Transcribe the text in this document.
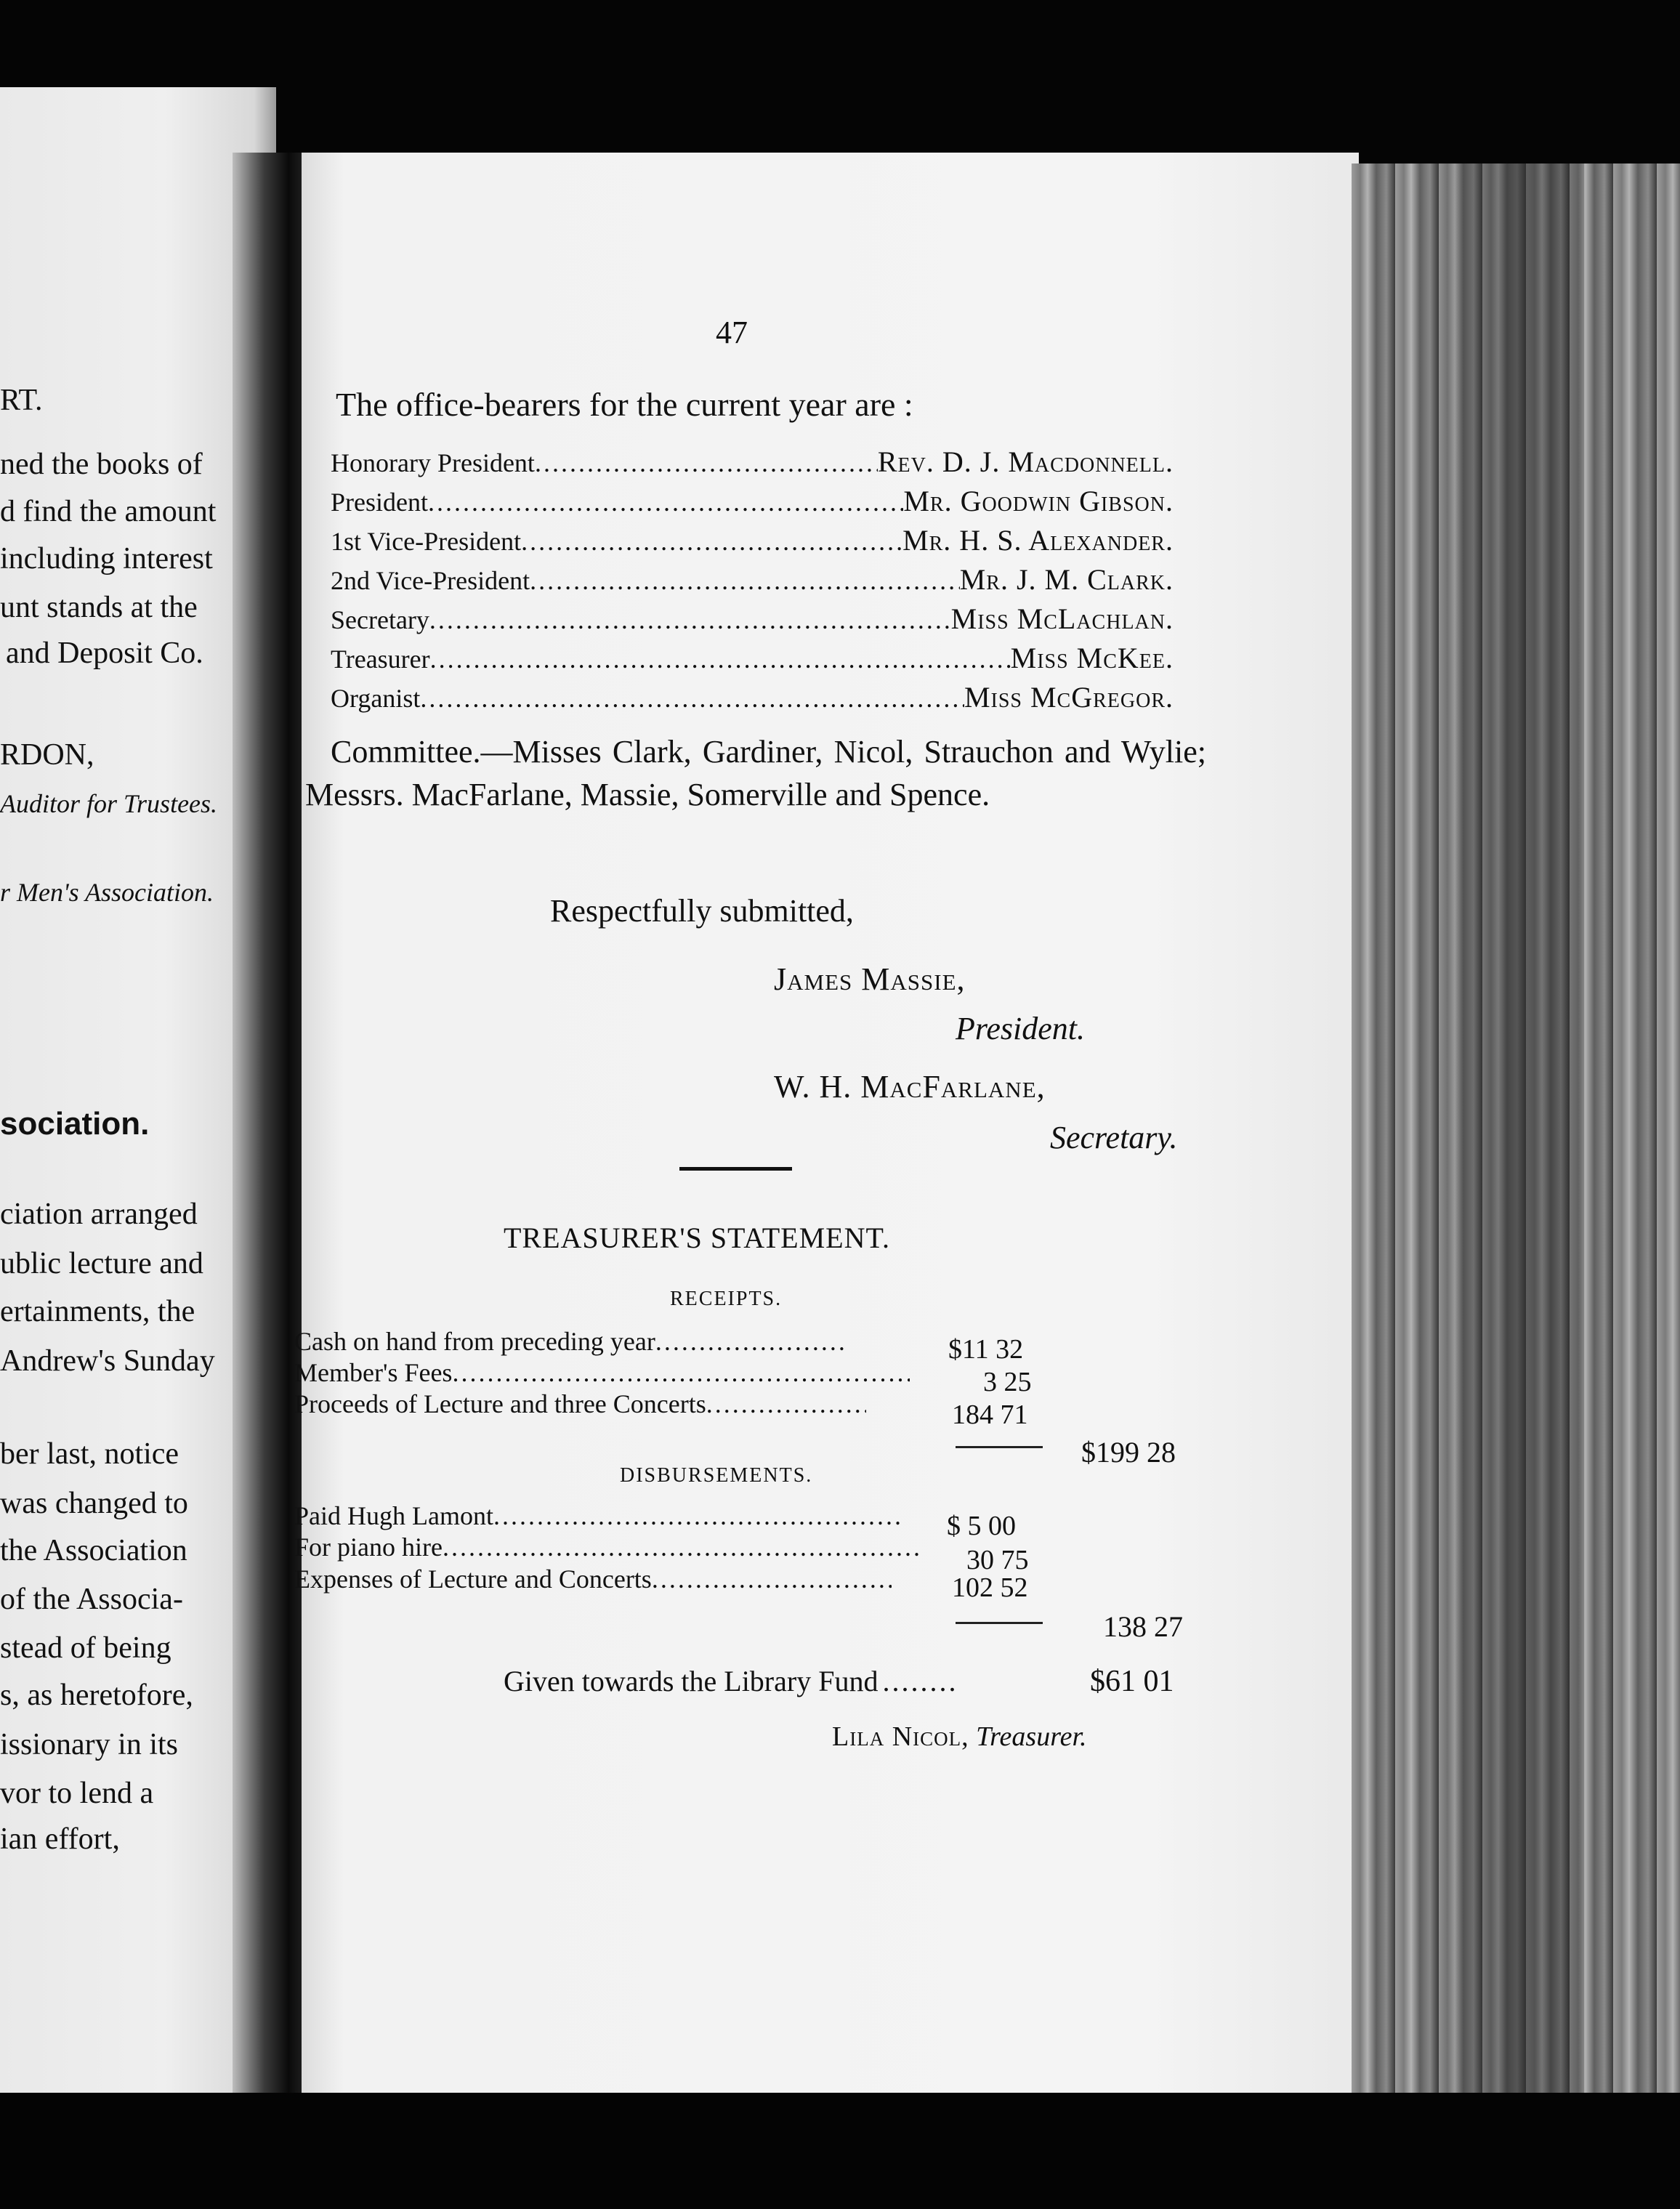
RT.
ned the books of
d find the amount
including interest
unt stands at the
and Deposit Co.
RDON,
Auditor for Trustees.
r Men's Association.
sociation.
ciation arranged
ublic lecture and
ertainments, the
Andrew's Sunday
ber last, notice
was changed to
the Association
of the Associa-
stead of being
s, as heretofore,
issionary in its
vor to lend a
ian effort,
47
The office-bearers for the current year are :
Honorary President .....	Rev. D. J. Macdonnell.
President .....	Mr. Goodwin Gibson.
1st Vice-President .....	Mr. H. S. Alexander.
2nd Vice-President .....	Mr. J. M. Clark.
Secretary .....	Miss McLachlan.
Treasurer .....	Miss McKee.
Organist .....	Miss McGregor.
Committee.—Misses Clark, Gardiner, Nicol, Strauchon and Wylie; Messrs. MacFarlane, Massie, Somerville and Spence.
Respectfully submitted,
James Massie,
President.
W. H. MacFarlane,
Secretary.
TREASURER'S STATEMENT.
RECEIPTS.
Cash on hand from preceding year .....	$11 32
Member's Fees .....	3 25
Proceeds of Lecture and three Concerts .....	184 71
$199 28
DISBURSEMENTS.
Paid Hugh Lamont .....	$ 5 00
For piano hire .....	30 75
Expenses of Lecture and Concerts .....	102 52
138 27
Given towards the Library Fund ........	$61 01
Lila Nicol, Treasurer.
